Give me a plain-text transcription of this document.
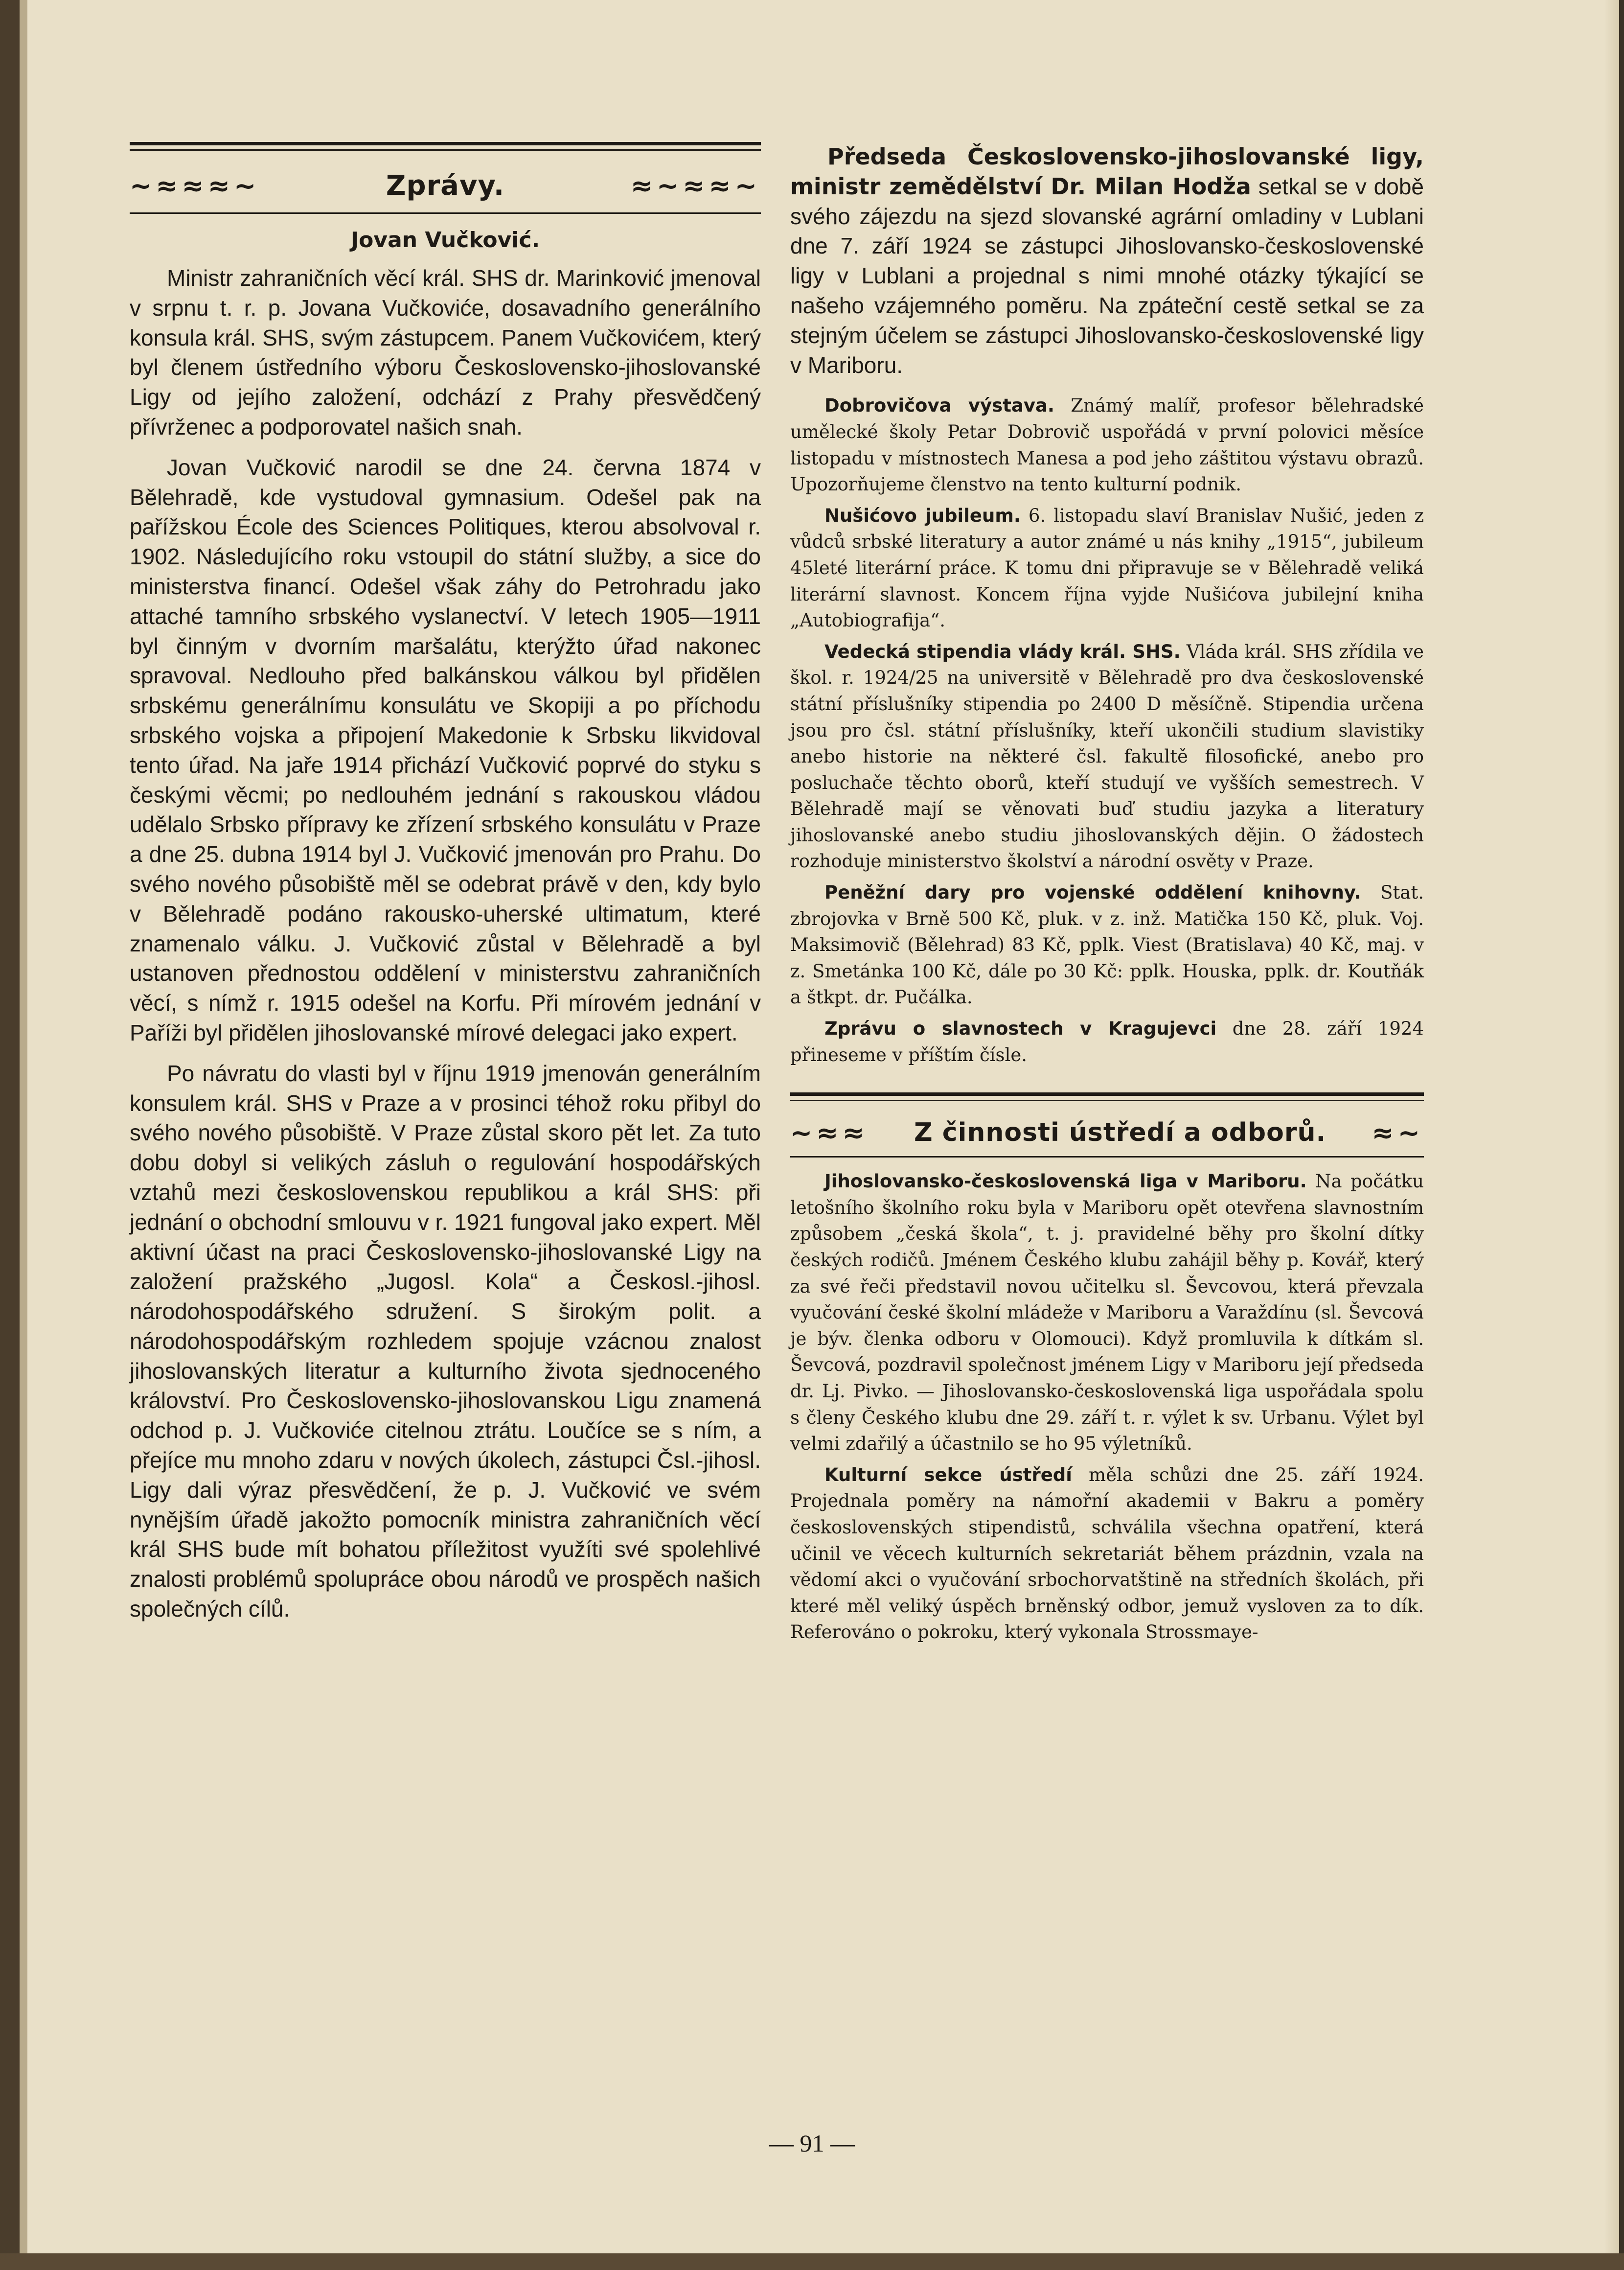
~≈≈≈~	Zprávy.	≈~≈≈~
Jovan Vučković.

Ministr zahraničních věcí král. SHS dr. Marinković jmenoval v srpnu t. r. p. Jovana Vučkoviće, dosavadního generálního konsula král. SHS, svým zástupcem. Panem Vučkovićem, který byl členem ústředního výboru Československo-jihoslovanské Ligy od jejího založení, odchází z Prahy přesvědčený přívrženec a podporovatel našich snah.

Jovan Vučković narodil se dne 24. června 1874 v Bělehradě, kde vystudoval gymnasium. Odešel pak na pařížskou École des Sciences Politiques, kterou absolvoval r. 1902. Následujícího roku vstoupil do státní služby, a sice do ministerstva financí. Odešel však záhy do Petrohradu jako attaché tamního srbského vyslanectví. V letech 1905—1911 byl činným v dvorním maršalátu, kterýžto úřad nakonec spravoval. Nedlouho před balkánskou válkou byl přidělen srbskému generálnímu konsulátu ve Skopiji a po příchodu srbského vojska a připojení Makedonie k Srbsku likvidoval tento úřad. Na jaře 1914 přichází Vučković poprvé do styku s českými věcmi; po nedlouhém jednání s rakouskou vládou udělalo Srbsko přípravy ke zřízení srbského konsulátu v Praze a dne 25. dubna 1914 byl J. Vučković jmenován pro Prahu. Do svého nového působiště měl se odebrat právě v den, kdy bylo v Bělehradě podáno rakousko-uherské ultimatum, které znamenalo válku. J. Vučković zůstal v Bělehradě a byl ustanoven přednostou oddělení v ministerstvu zahraničních věcí, s nímž r. 1915 odešel na Korfu. Při mírovém jednání v Paříži byl přidělen jihoslovanské mírové delegaci jako expert.

Po návratu do vlasti byl v říjnu 1919 jmenován generálním konsulem král. SHS v Praze a v prosinci téhož roku přibyl do svého nového působiště. V Praze zůstal skoro pět let. Za tuto dobu dobyl si velikých zásluh o regulování hospodářských vztahů mezi československou republikou a král SHS: při jednání o obchodní smlouvu v r. 1921 fungoval jako expert. Měl aktivní účast na praci Československo-jihoslovanské Ligy na založení pražského „Jugosl. Kola“ a Českosl.-jihosl. národohospodářského sdružení. S širokým polit. a národohospodářským rozhledem spojuje vzácnou znalost jihoslovanských literatur a kulturního života sjednoceného království. Pro Československo-jihoslovanskou Ligu znamená odchod p. J. Vučkoviće citelnou ztrátu. Loučíce se s ním, a přejíce mu mnoho zdaru v nových úkolech, zástupci Čsl.-jihosl. Ligy dali výraz přesvědčení, že p. J. Vučković ve svém nynějším úřadě jakožto pomocník ministra zahraničních věcí král SHS bude mít bohatou příležitost využíti své spolehlivé znalosti problémů spolupráce obou národů ve prospěch našich společných cílů.

Předseda Československo-jihoslovanské ligy, ministr zemědělství Dr. Milan Hodža setkal se v době svého zájezdu na sjezd slovanské agrární omladiny v Lublani dne 7. září 1924 se zástupci Jihoslovansko-československé ligy v Lublani a projednal s nimi mnohé otázky týkající se našeho vzájemného poměru. Na zpáteční cestě setkal se za stejným účelem se zástupci Jihoslovansko-československé ligy v Mariboru.

Dobrovičova výstava. Známý malíř, profesor bělehradské umělecké školy Petar Dobrovič uspořádá v první polovici měsíce listopadu v místnostech Manesa a pod jeho záštitou výstavu obrazů. Upozorňujeme členstvo na tento kulturní podnik.

Nušićovo jubileum. 6. listopadu slaví Branislav Nušić, jeden z vůdců srbské literatury a autor známé u nás knihy „1915“, jubileum 45leté literární práce. K tomu dni připravuje se v Bělehradě veliká literární slavnost. Koncem října vyjde Nušićova jubilejní kniha „Autobiografija“.

Vedecká stipendia vlády král. SHS. Vláda král. SHS zřídila ve škol. r. 1924/25 na universitě v Bělehradě pro dva československé státní příslušníky stipendia po 2400 D měsíčně. Stipendia určena jsou pro čsl. státní příslušníky, kteří ukončili studium slavistiky anebo historie na některé čsl. fakultě filosofické, anebo pro posluchače těchto oborů, kteří studují ve vyšších semestrech. V Bělehradě mají se věnovati buď studiu jazyka a literatury jihoslovanské anebo studiu jihoslovanských dějin. O žádostech rozhoduje ministerstvo školství a národní osvěty v Praze.

Peněžní dary pro vojenské oddělení knihovny. Stat. zbrojovka v Brně 500 Kč, pluk. v z. inž. Matička 150 Kč, pluk. Voj. Maksimovič (Bělehrad) 83 Kč, pplk. Viest (Bratislava) 40 Kč, maj. v z. Smetánka 100 Kč, dále po 30 Kč: pplk. Houska, pplk. dr. Koutňák a štkpt. dr. Pučálka.

Zprávu o slavnostech v Kragujevci dne 28. září 1924 přineseme v příštím čísle.

~≈≈ Z činnosti ústředí a odborů. ≈~

Jihoslovansko-československá liga v Mariboru. Na počátku letošního školního roku byla v Mariboru opět otevřena slavnostním způsobem „česká škola“, t. j. pravidelné běhy pro školní dítky českých rodičů. Jménem Českého klubu zahájil běhy p. Kovář, který za své řeči představil novou učitelku sl. Ševcovou, která převzala vyučování české školní mládeže v Mariboru a Varaždínu (sl. Ševcová je býv. členka odboru v Olomouci). Když promluvila k dítkám sl. Ševcová, pozdravil společnost jménem Ligy v Mariboru její předseda dr. Lj. Pivko. — Jihoslovansko-československá liga uspořádala spolu s členy Českého klubu dne 29. září t. r. výlet k sv. Urbanu. Výlet byl velmi zdařilý a účastnilo se ho 95 výletníků.

Kulturní sekce ústředí měla schůzi dne 25. září 1924. Projednala poměry na námořní akademii v Bakru a poměry československých stipendistů, schválila všechna opatření, která učinil ve věcech kulturních sekretariát během prázdnin, vzala na vědomí akci o vyučování srbochorvatštině na středních školách, při které měl veliký úspěch brněnský odbor, jemuž vysloven za to dík. Referováno o pokroku, který vykonala Strossmaye-

— 91 —
